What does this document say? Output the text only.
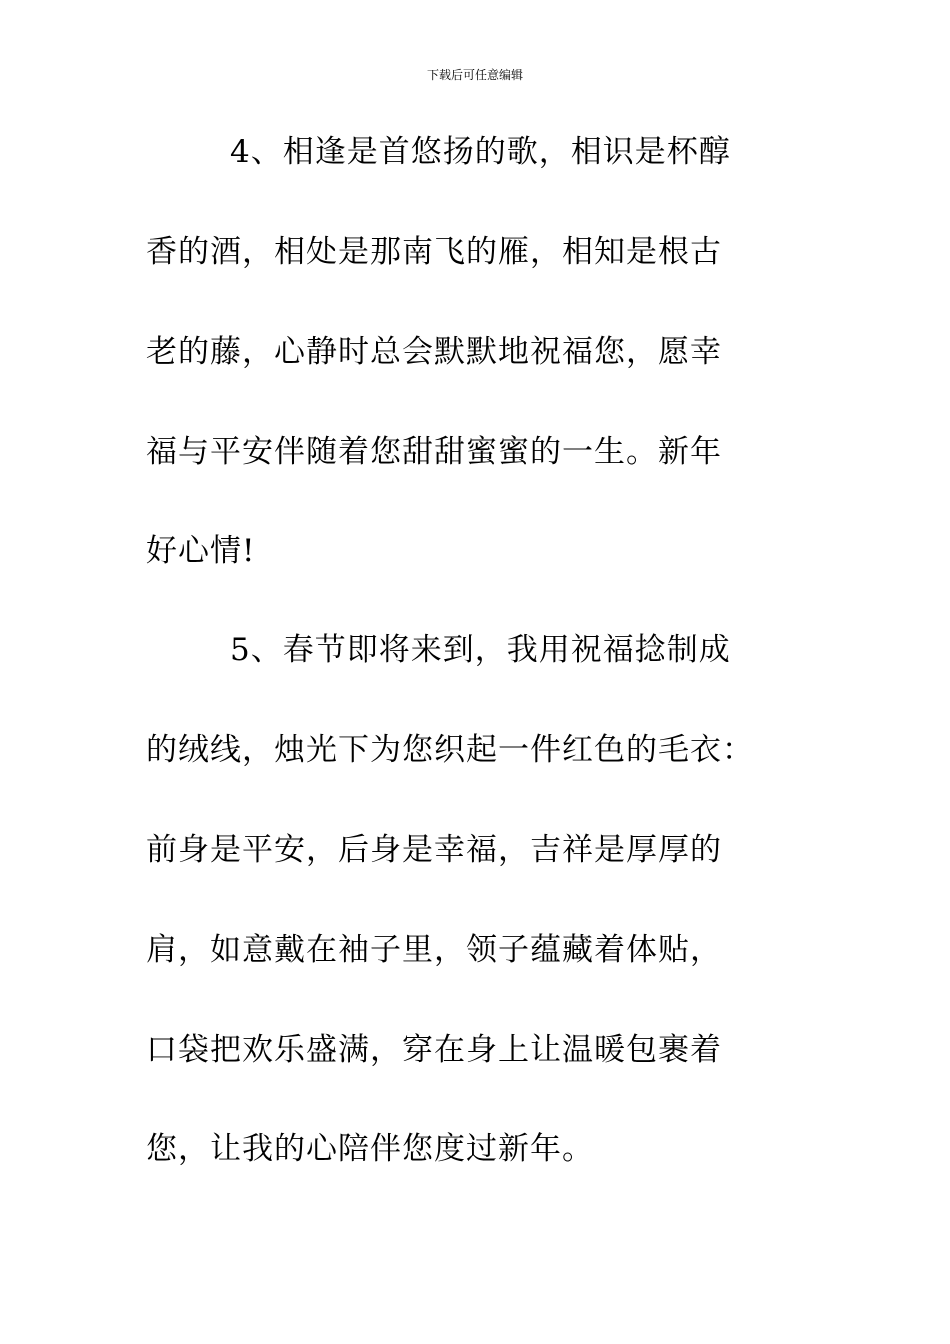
下载后可任意编辑
4、相逢是首悠扬的歌，相识是杯醇
香的酒，相处是那南飞的雁，相知是根古
老的藤，心静时总会默默地祝福您，愿幸
福与平安伴随着您甜甜蜜蜜的一生。新年
好心情!
5、春节即将来到，我用祝福捻制成
的绒线，烛光下为您织起一件红色的毛衣：
前身是平安，后身是幸福，吉祥是厚厚的
肩，如意戴在袖子里，领子蕴藏着体贴，
口袋把欢乐盛满，穿在身上让温暖包裹着
您，让我的心陪伴您度过新年。
